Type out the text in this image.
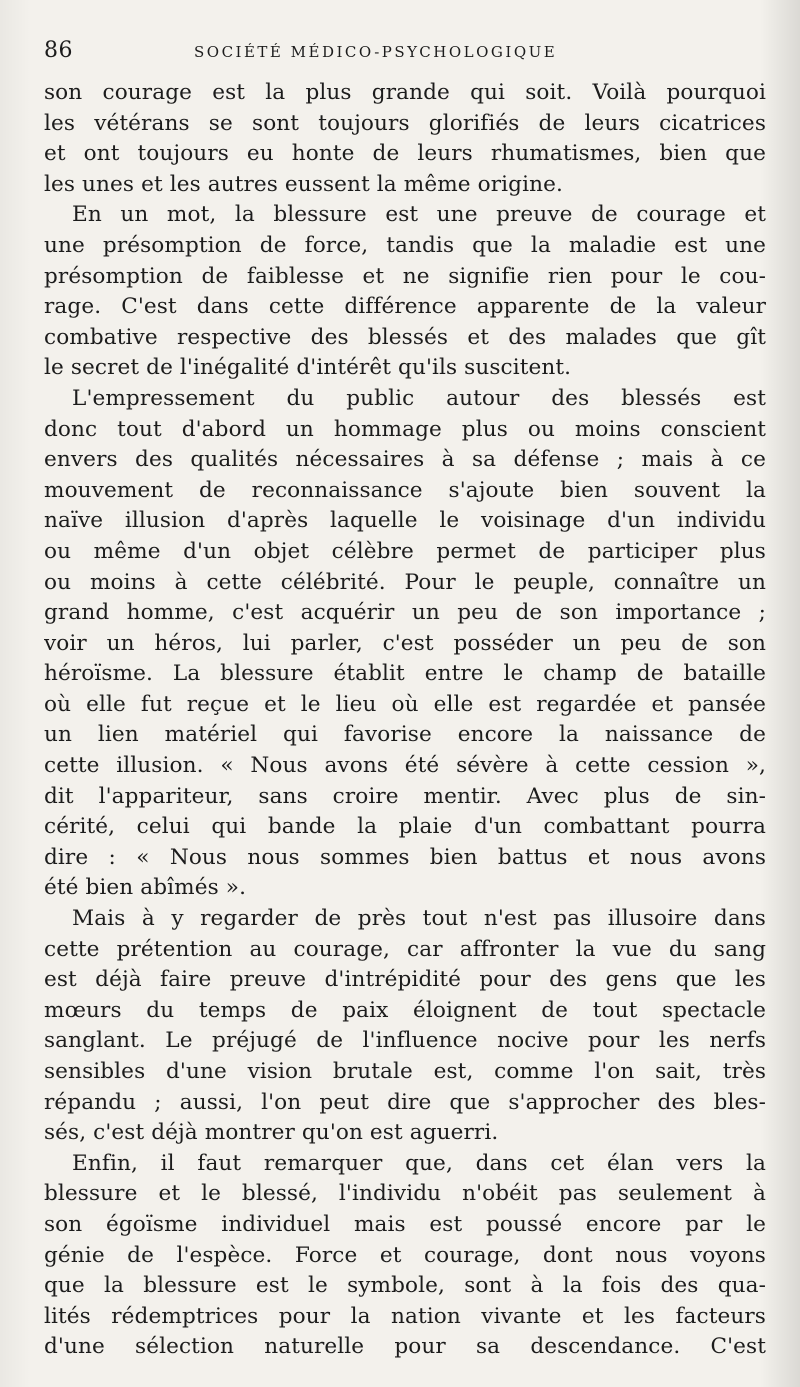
86	SOCIÉTÉ MÉDICO-PSYCHOLOGIQUE
son courage est la plus grande qui soit. Voilà pourquoi
les vétérans se sont toujours glorifiés de leurs cicatrices
et ont toujours eu honte de leurs rhumatismes, bien que
les unes et les autres eussent la même origine.
En un mot, la blessure est une preuve de courage et
une présomption de force, tandis que la maladie est une
présomption de faiblesse et ne signifie rien pour le cou-
rage. C'est dans cette différence apparente de la valeur
combative respective des blessés et des malades que gît
le secret de l'inégalité d'intérêt qu'ils suscitent.
L'empressement du public autour des blessés est
donc tout d'abord un hommage plus ou moins conscient
envers des qualités nécessaires à sa défense ; mais à ce
mouvement de reconnaissance s'ajoute bien souvent la
naïve illusion d'après laquelle le voisinage d'un individu
ou même d'un objet célèbre permet de participer plus
ou moins à cette célébrité. Pour le peuple, connaître un
grand homme, c'est acquérir un peu de son importance ;
voir un héros, lui parler, c'est posséder un peu de son
héroïsme. La blessure établit entre le champ de bataille
où elle fut reçue et le lieu où elle est regardée et pansée
un lien matériel qui favorise encore la naissance de
cette illusion. « Nous avons été sévère à cette cession »,
dit l'appariteur, sans croire mentir. Avec plus de sin-
cérité, celui qui bande la plaie d'un combattant pourra
dire : « Nous nous sommes bien battus et nous avons
été bien abîmés ».
Mais à y regarder de près tout n'est pas illusoire dans
cette prétention au courage, car affronter la vue du sang
est déjà faire preuve d'intrépidité pour des gens que les
mœurs du temps de paix éloignent de tout spectacle
sanglant. Le préjugé de l'influence nocive pour les nerfs
sensibles d'une vision brutale est, comme l'on sait, très
répandu ; aussi, l'on peut dire que s'approcher des bles-
sés, c'est déjà montrer qu'on est aguerri.
Enfin, il faut remarquer que, dans cet élan vers la
blessure et le blessé, l'individu n'obéit pas seulement à
son égoïsme individuel mais est poussé encore par le
génie de l'espèce. Force et courage, dont nous voyons
que la blessure est le symbole, sont à la fois des qua-
lités rédemptrices pour la nation vivante et les facteurs
d'une sélection naturelle pour sa descendance. C'est
